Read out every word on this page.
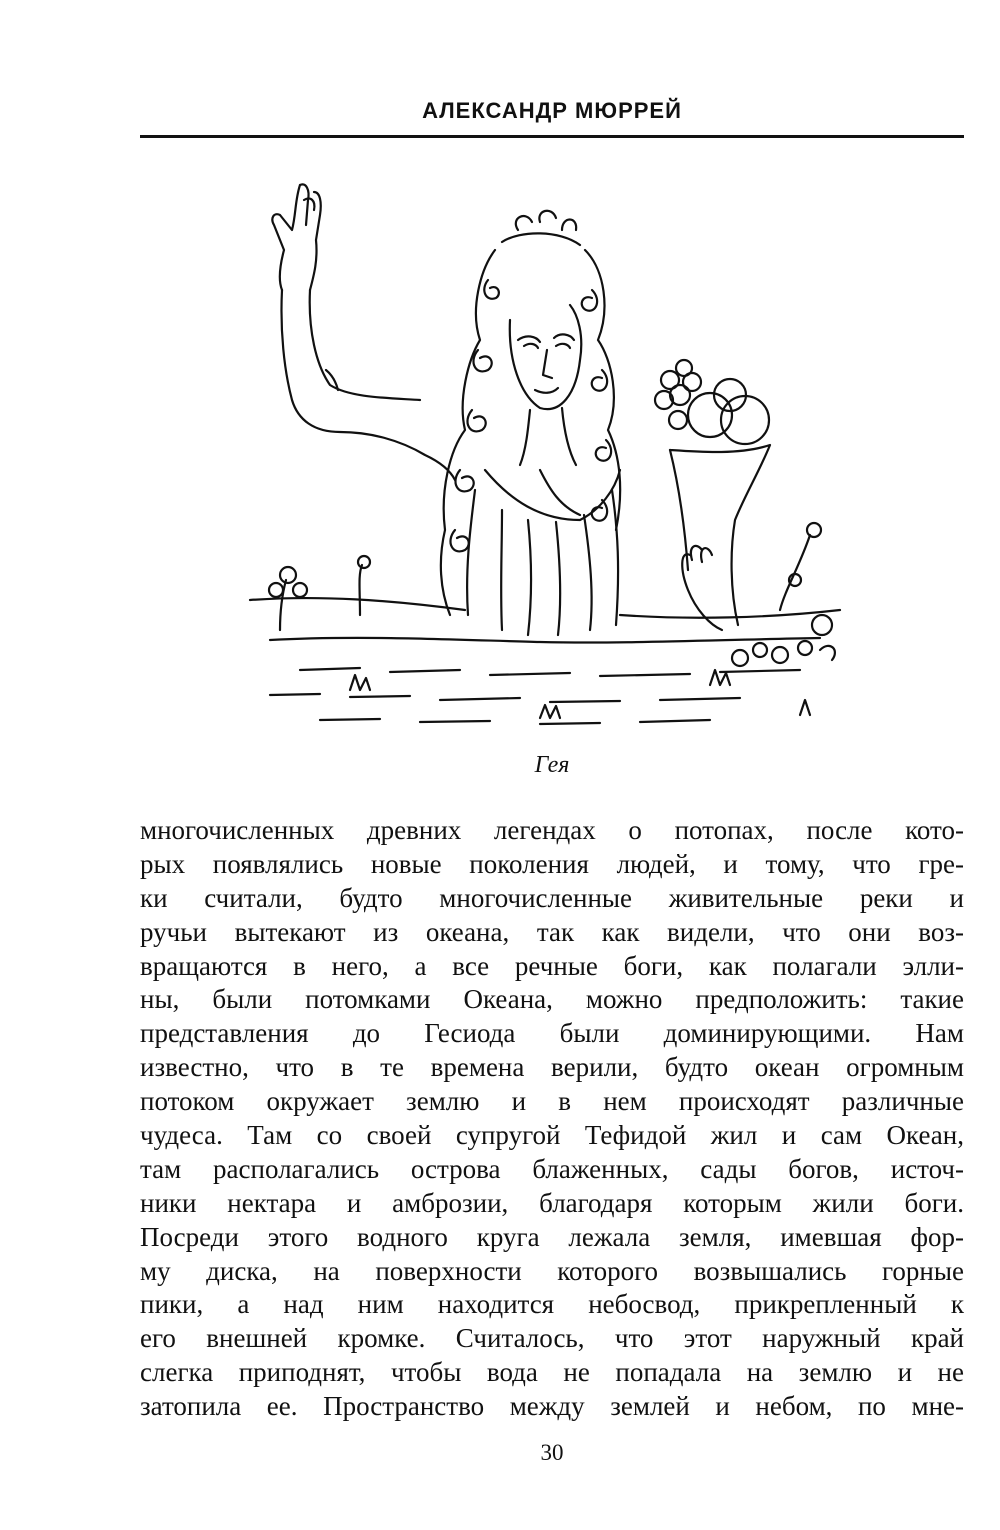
АЛЕКСАНДР МЮРРЕЙ
Гея
многочисленных древних легендах о потопах, после кото-
рых появлялись новые поколения людей, и тому, что гре-
ки считали, будто многочисленные живительные реки и
ручьи вытекают из океана, так как видели, что они воз-
вращаются в него, а все речные боги, как полагали элли-
ны, были потомками Океана, можно предположить: такие
представления до Гесиода были доминирующими. Нам
известно, что в те времена верили, будто океан огромным
потоком окружает землю и в нем происходят различные
чудеса. Там со своей супругой Тефидой жил и сам Океан,
там располагались острова блаженных, сады богов, источ-
ники нектара и амброзии, благодаря которым жили боги.
Посреди этого водного круга лежала земля, имевшая фор-
му диска, на поверхности которого возвышались горные
пики, а над ним находится небосвод, прикрепленный к
его внешней кромке. Считалось, что этот наружный край
слегка приподнят, чтобы вода не попадала на землю и не
затопила ее. Пространство между землей и небом, по мне-
30
